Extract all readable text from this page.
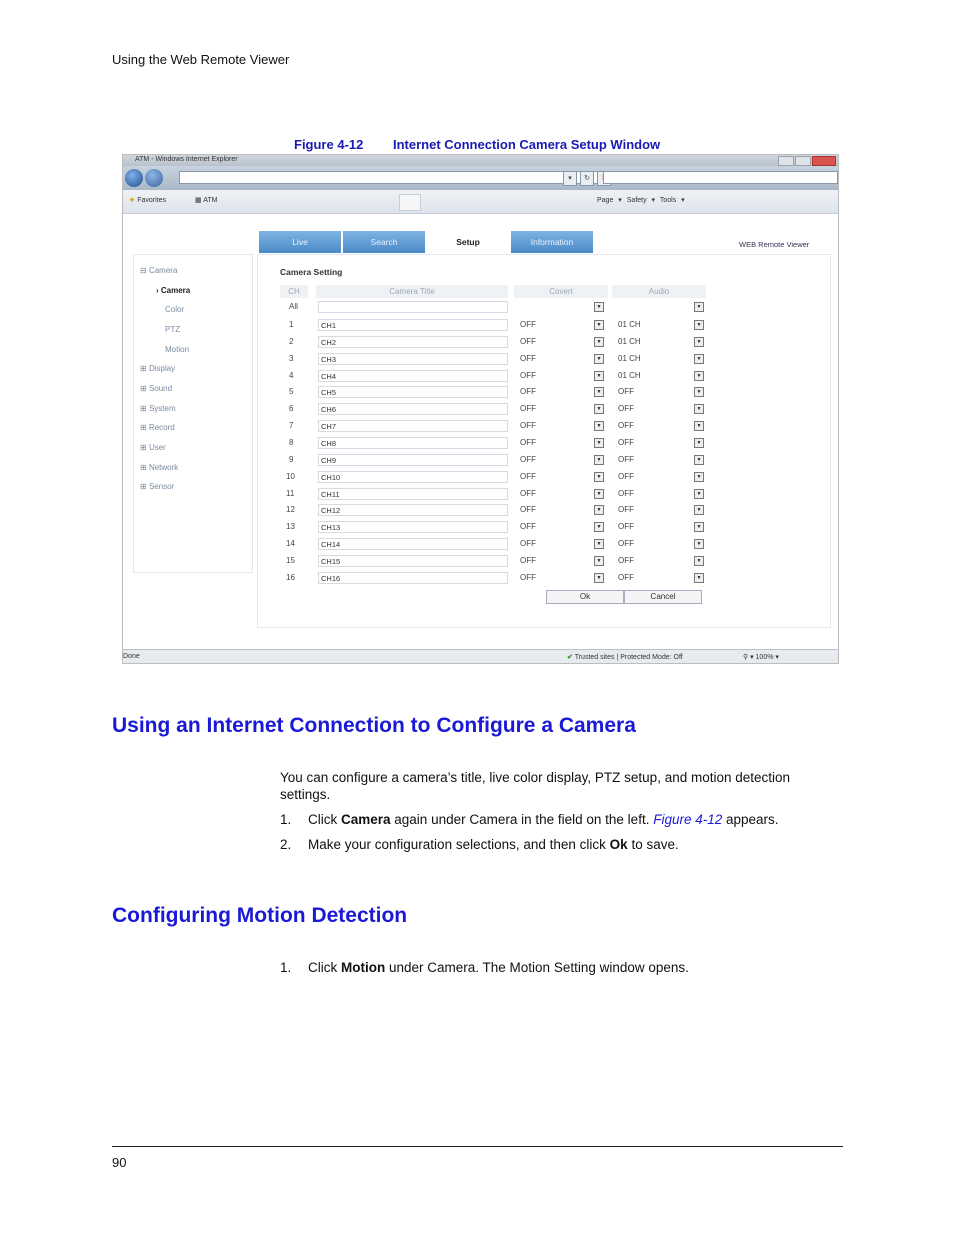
Using the Web Remote Viewer
Figure 4-12 Internet Connection Camera Setup Window
ATM - Windows Internet Explorer
▾	↻
★ Favorites	▦ ATM	Page ▾ Safety ▾ Tools ▾
Live	Search	Setup	Information	WEB Remote Viewer
⊟ Camera
› Camera
Color
PTZ
Motion
⊞ Display
⊞ Sound
⊞ System
⊞ Record
⊞ User
⊞ Network
⊞ Sensor
Camera Setting
CH	Camera Title	Covert	Audio
All	▼	▼
1	CH1	OFF	▼	01 CH	▼
2	CH2	OFF	▼	01 CH	▼
3	CH3	OFF	▼	01 CH	▼
4	CH4	OFF	▼	01 CH	▼
5	CH5	OFF	▼	OFF	▼
6	CH6	OFF	▼	OFF	▼
7	CH7	OFF	▼	OFF	▼
8	CH8	OFF	▼	OFF	▼
9	CH9	OFF	▼	OFF	▼
10	CH10	OFF	▼	OFF	▼
11	CH11	OFF	▼	OFF	▼
12	CH12	OFF	▼	OFF	▼
13	CH13	OFF	▼	OFF	▼
14	CH14	OFF	▼	OFF	▼
15	CH15	OFF	▼	OFF	▼
16	CH16	OFF	▼	OFF	▼
Ok	Cancel
Done	✔ Trusted sites | Protected Mode: Off	⚲ ▾ 100% ▾
Using an Internet Connection to Configure a Camera
You can configure a camera’s title, live color display, PTZ setup, and motion detection settings.
1. Click Camera again under Camera in the field on the left. Figure 4-12 appears.
2. Make your configuration selections, and then click Ok to save.
Configuring Motion Detection
1. Click Motion under Camera. The Motion Setting window opens.
90
